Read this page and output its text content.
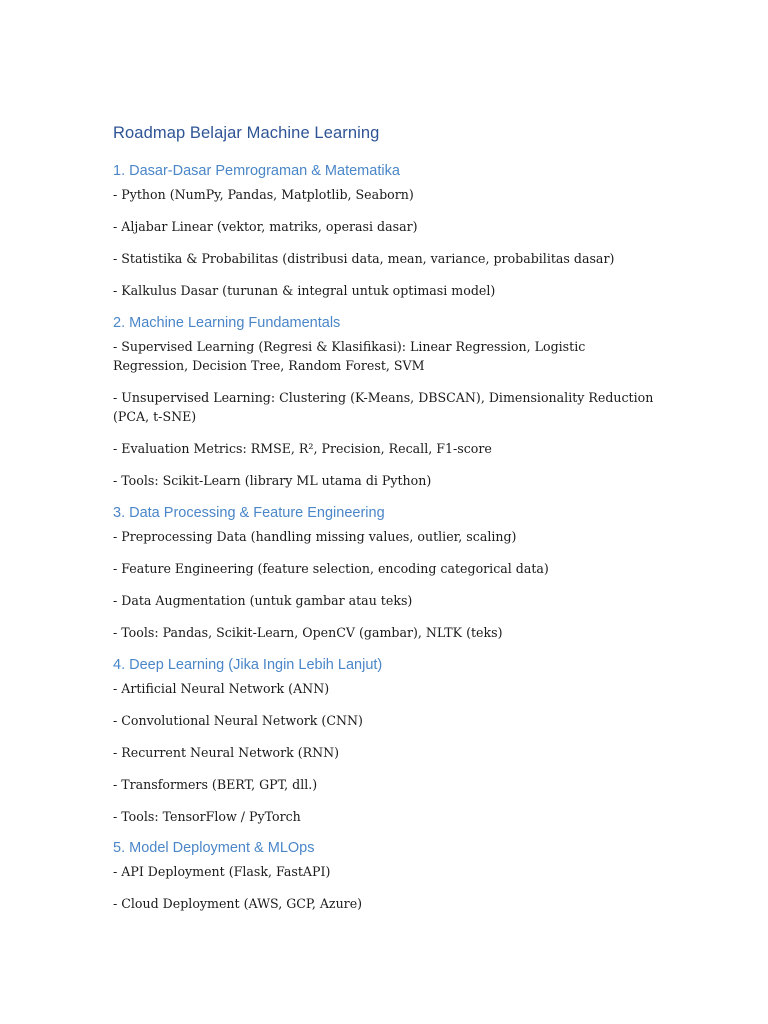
Roadmap Belajar Machine Learning
1. Dasar-Dasar Pemrograman & Matematika

- Python (NumPy, Pandas, Matplotlib, Seaborn)

- Aljabar Linear (vektor, matriks, operasi dasar)

- Statistika & Probabilitas (distribusi data, mean, variance, probabilitas dasar)

- Kalkulus Dasar (turunan & integral untuk optimasi model)

2. Machine Learning Fundamentals

- Supervised Learning (Regresi & Klasifikasi): Linear Regression, Logistic Regression, Decision Tree, Random Forest, SVM

- Unsupervised Learning: Clustering (K-Means, DBSCAN), Dimensionality Reduction (PCA, t-SNE)

- Evaluation Metrics: RMSE, R², Precision, Recall, F1-score

- Tools: Scikit-Learn (library ML utama di Python)

3. Data Processing & Feature Engineering

- Preprocessing Data (handling missing values, outlier, scaling)

- Feature Engineering (feature selection, encoding categorical data)

- Data Augmentation (untuk gambar atau teks)

- Tools: Pandas, Scikit-Learn, OpenCV (gambar), NLTK (teks)

4. Deep Learning (Jika Ingin Lebih Lanjut)

- Artificial Neural Network (ANN)

- Convolutional Neural Network (CNN)

- Recurrent Neural Network (RNN)

- Transformers (BERT, GPT, dll.)

- Tools: TensorFlow / PyTorch

5. Model Deployment & MLOps

- API Deployment (Flask, FastAPI)

- Cloud Deployment (AWS, GCP, Azure)
